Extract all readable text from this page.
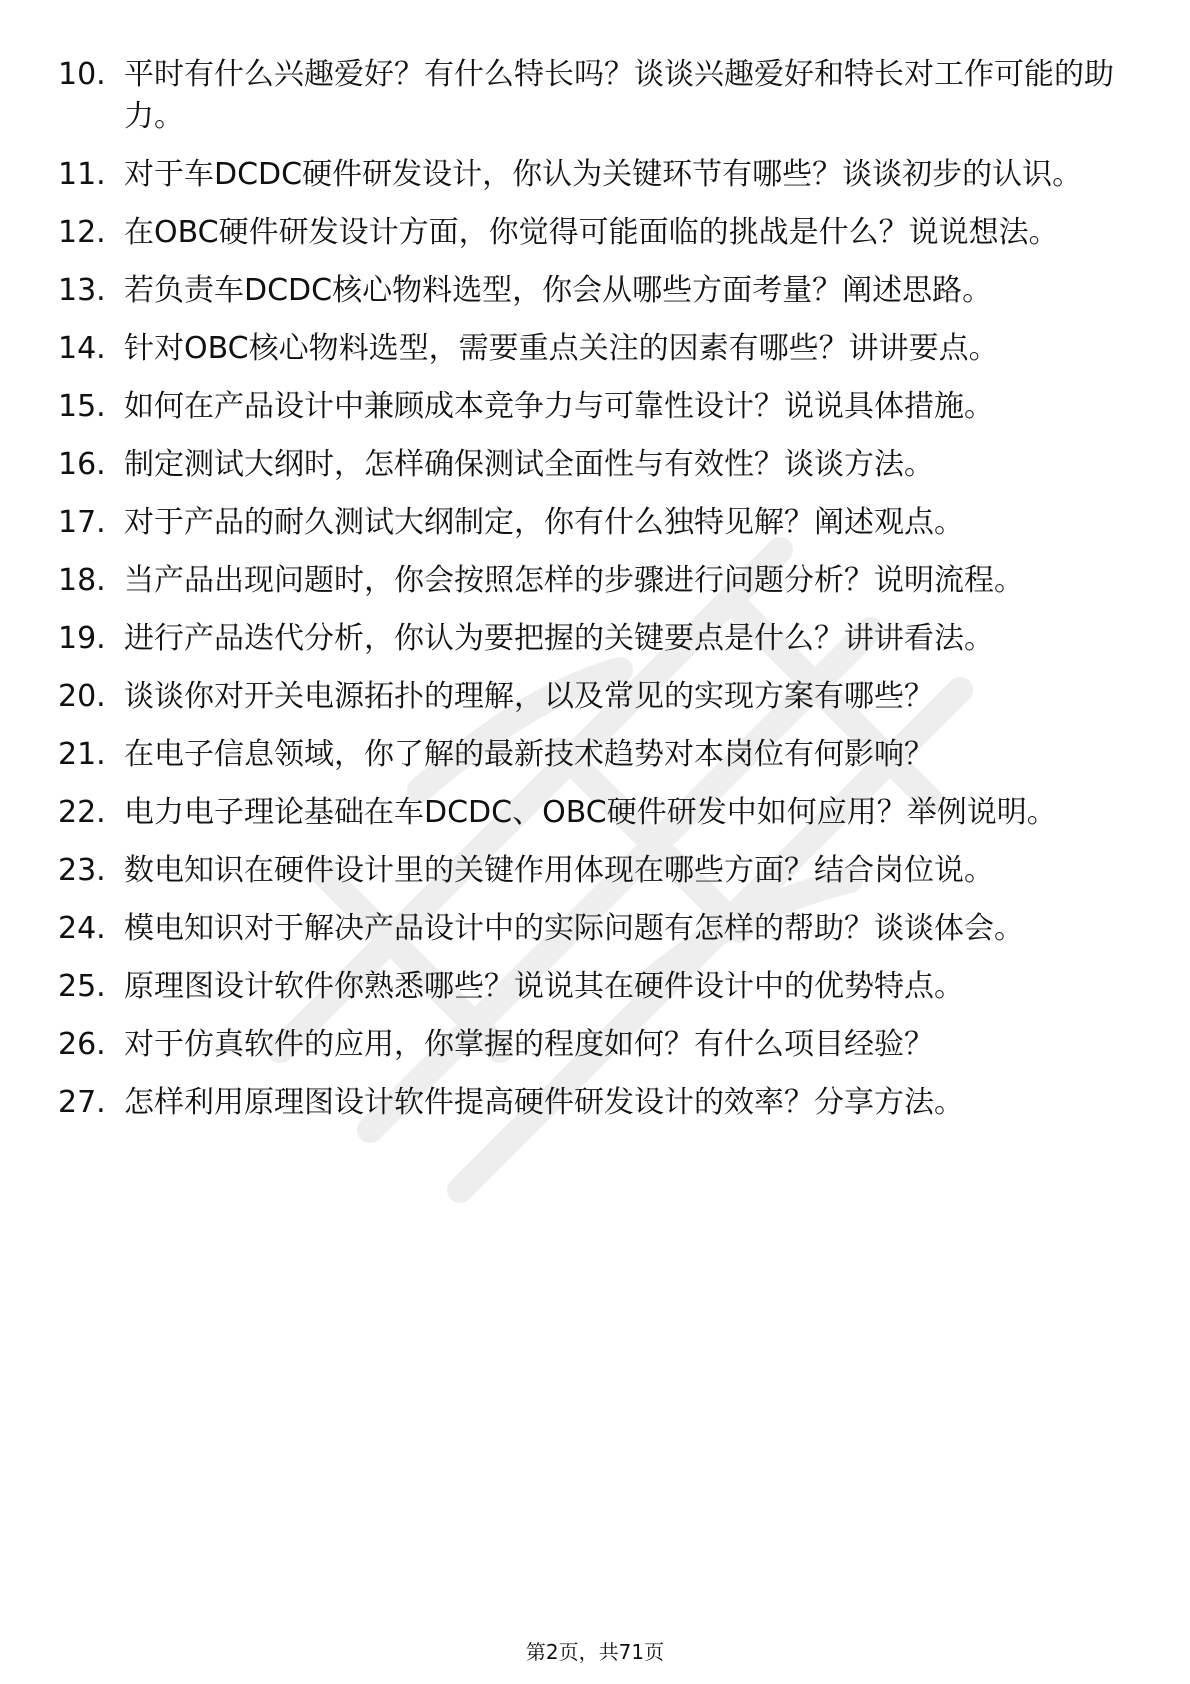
10. 平时有什么兴趣爱好？有什么特长吗？谈谈兴趣爱好和特长对工作可能的助力。
11. 对于车DCDC硬件研发设计，你认为关键环节有哪些？谈谈初步的认识。
12. 在OBC硬件研发设计方面，你觉得可能面临的挑战是什么？说说想法。
13. 若负责车DCDC核心物料选型，你会从哪些方面考量？阐述思路。
14. 针对OBC核心物料选型，需要重点关注的因素有哪些？讲讲要点。
15. 如何在产品设计中兼顾成本竞争力与可靠性设计？说说具体措施。
16. 制定测试大纲时，怎样确保测试全面性与有效性？谈谈方法。
17. 对于产品的耐久测试大纲制定，你有什么独特见解？阐述观点。
18. 当产品出现问题时，你会按照怎样的步骤进行问题分析？说明流程。
19. 进行产品迭代分析，你认为要把握的关键要点是什么？讲讲看法。
20. 谈谈你对开关电源拓扑的理解，以及常见的实现方案有哪些？
21. 在电子信息领域，你了解的最新技术趋势对本岗位有何影响？
22. 电力电子理论基础在车DCDC、OBC硬件研发中如何应用？举例说明。
23. 数电知识在硬件设计里的关键作用体现在哪些方面？结合岗位说。
24. 模电知识对于解决产品设计中的实际问题有怎样的帮助？谈谈体会。
25. 原理图设计软件你熟悉哪些？说说其在硬件设计中的优势特点。
26. 对于仿真软件的应用，你掌握的程度如何？有什么项目经验？
27. 怎样利用原理图设计软件提高硬件研发设计的效率？分享方法。
第2页，共71页
